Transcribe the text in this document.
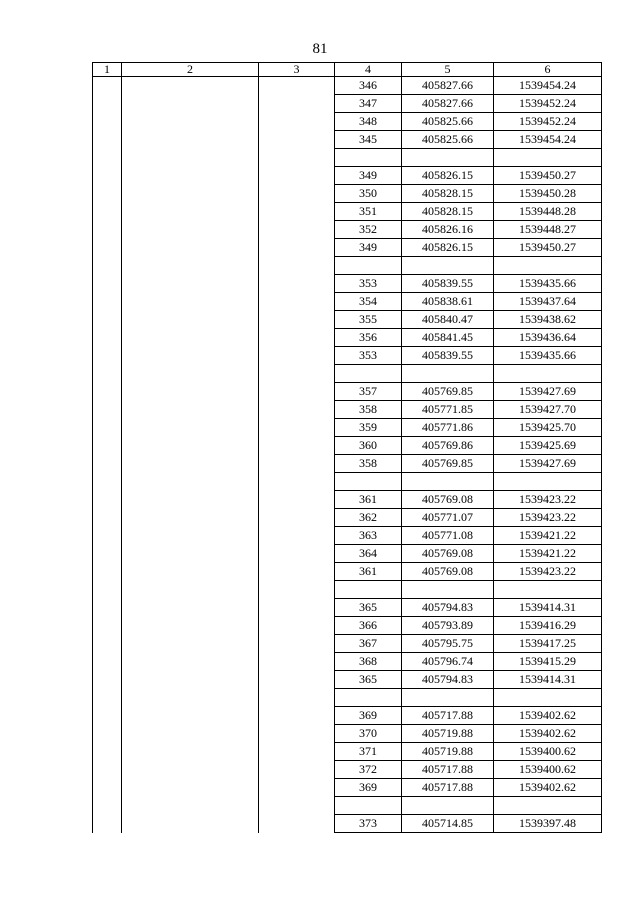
81
1	2	3	4	5	6
			346	405827.66	1539454.24
			347	405827.66	1539452.24
			348	405825.66	1539452.24
			345	405825.66	1539454.24

			349	405826.15	1539450.27
			350	405828.15	1539450.28
			351	405828.15	1539448.28
			352	405826.16	1539448.27
			349	405826.15	1539450.27

			353	405839.55	1539435.66
			354	405838.61	1539437.64
			355	405840.47	1539438.62
			356	405841.45	1539436.64
			353	405839.55	1539435.66

			357	405769.85	1539427.69
			358	405771.85	1539427.70
			359	405771.86	1539425.70
			360	405769.86	1539425.69
			358	405769.85	1539427.69

			361	405769.08	1539423.22
			362	405771.07	1539423.22
			363	405771.08	1539421.22
			364	405769.08	1539421.22
			361	405769.08	1539423.22

			365	405794.83	1539414.31
			366	405793.89	1539416.29
			367	405795.75	1539417.25
			368	405796.74	1539415.29
			365	405794.83	1539414.31

			369	405717.88	1539402.62
			370	405719.88	1539402.62
			371	405719.88	1539400.62
			372	405717.88	1539400.62
			369	405717.88	1539402.62

			373	405714.85	1539397.48
